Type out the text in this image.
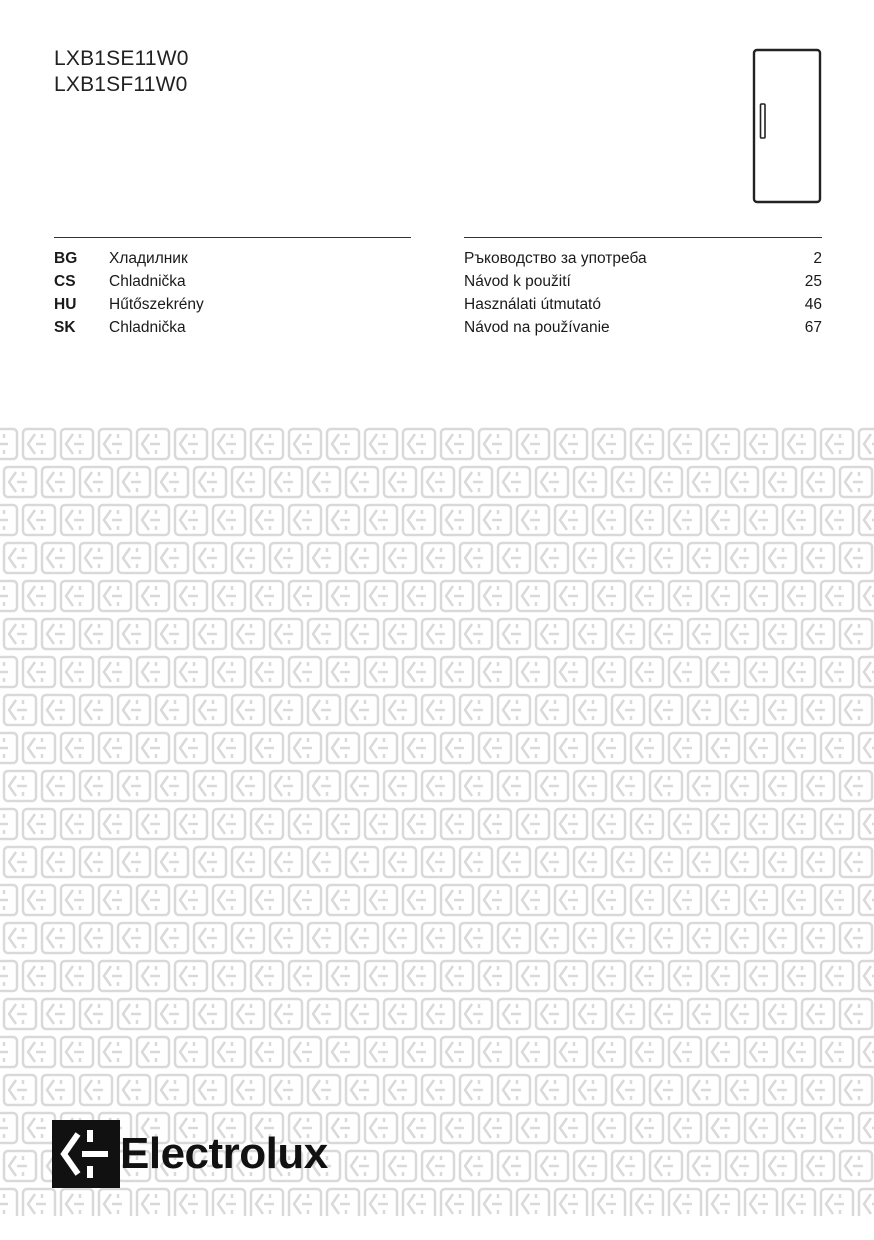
LXB1SE11W0
LXB1SF11W0
BG	Хладилник
CS	Chladnička
HU	Hűtőszekrény
SK	Chladnička
Ръководство за употреба	2
Návod k použití	25
Használati útmutató	46
Návod na používanie	67
Electrolux
